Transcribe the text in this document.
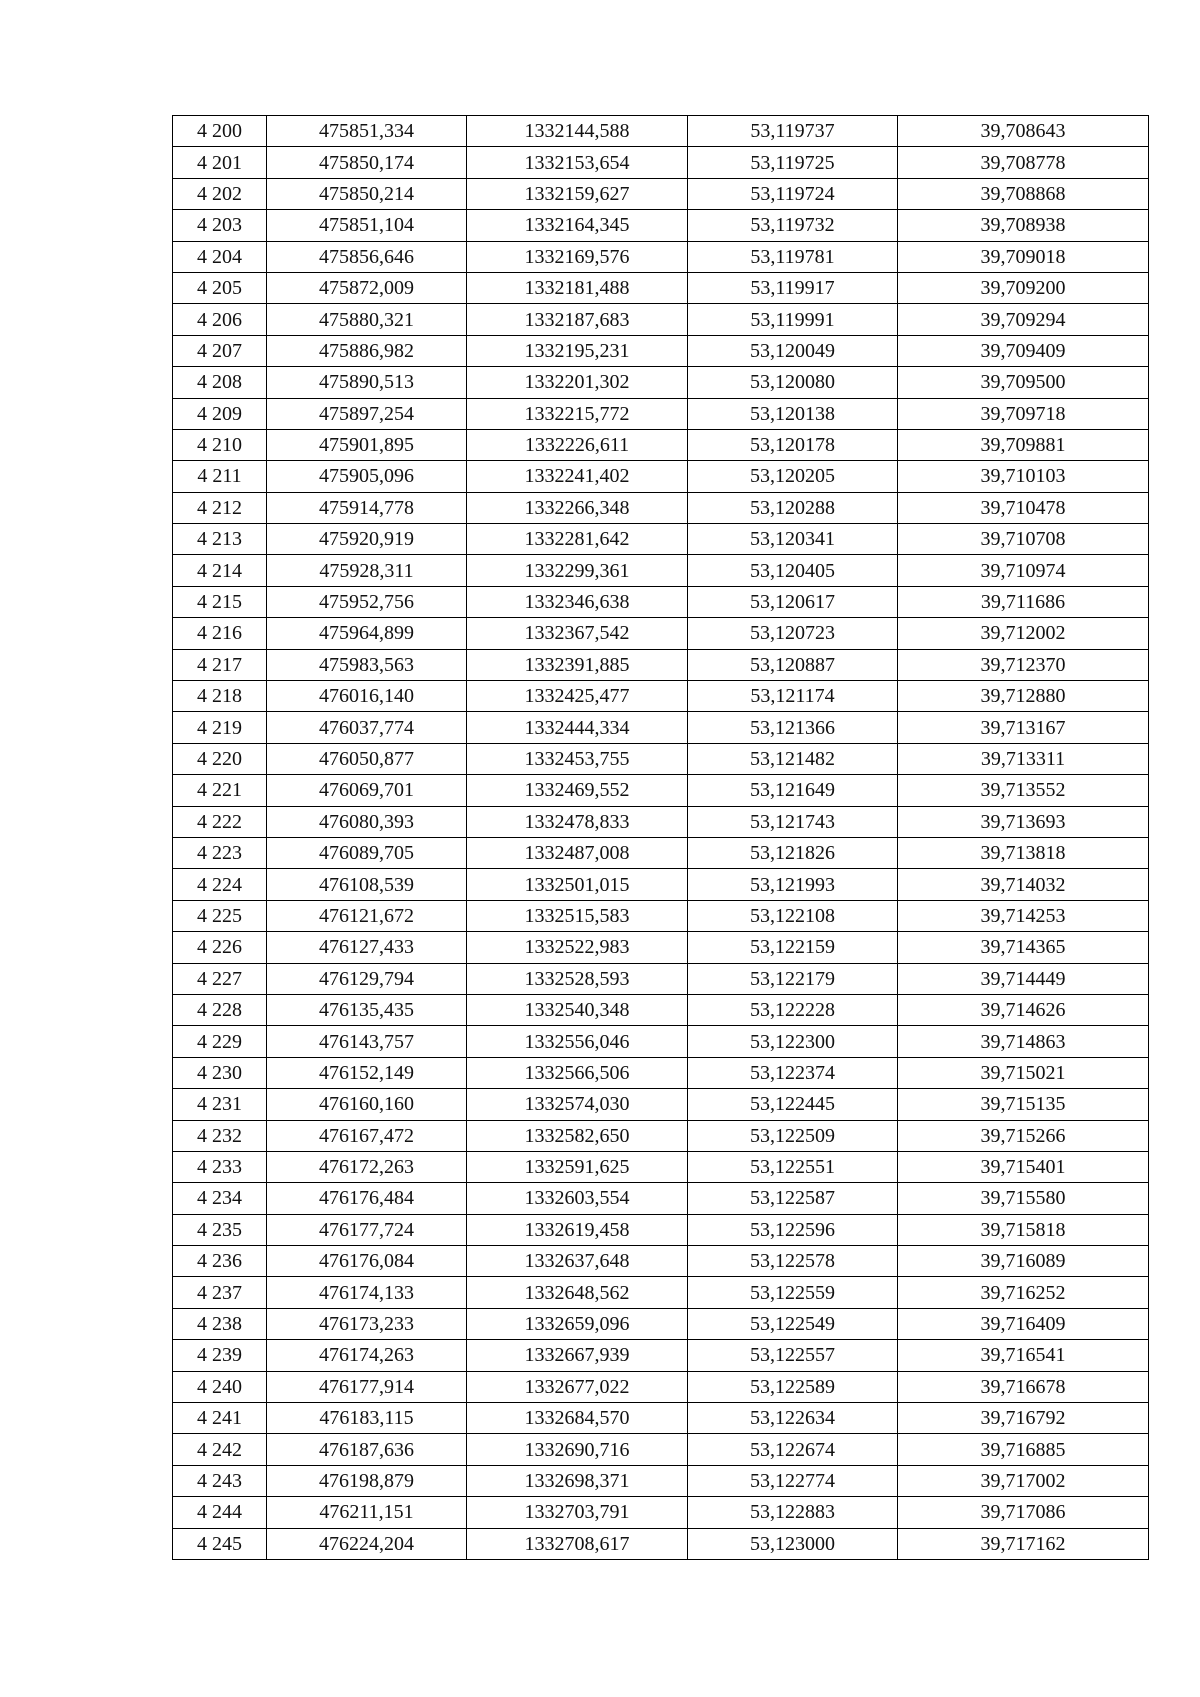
4 200	475851,334	1332144,588	53,119737	39,708643
4 201	475850,174	1332153,654	53,119725	39,708778
4 202	475850,214	1332159,627	53,119724	39,708868
4 203	475851,104	1332164,345	53,119732	39,708938
4 204	475856,646	1332169,576	53,119781	39,709018
4 205	475872,009	1332181,488	53,119917	39,709200
4 206	475880,321	1332187,683	53,119991	39,709294
4 207	475886,982	1332195,231	53,120049	39,709409
4 208	475890,513	1332201,302	53,120080	39,709500
4 209	475897,254	1332215,772	53,120138	39,709718
4 210	475901,895	1332226,611	53,120178	39,709881
4 211	475905,096	1332241,402	53,120205	39,710103
4 212	475914,778	1332266,348	53,120288	39,710478
4 213	475920,919	1332281,642	53,120341	39,710708
4 214	475928,311	1332299,361	53,120405	39,710974
4 215	475952,756	1332346,638	53,120617	39,711686
4 216	475964,899	1332367,542	53,120723	39,712002
4 217	475983,563	1332391,885	53,120887	39,712370
4 218	476016,140	1332425,477	53,121174	39,712880
4 219	476037,774	1332444,334	53,121366	39,713167
4 220	476050,877	1332453,755	53,121482	39,713311
4 221	476069,701	1332469,552	53,121649	39,713552
4 222	476080,393	1332478,833	53,121743	39,713693
4 223	476089,705	1332487,008	53,121826	39,713818
4 224	476108,539	1332501,015	53,121993	39,714032
4 225	476121,672	1332515,583	53,122108	39,714253
4 226	476127,433	1332522,983	53,122159	39,714365
4 227	476129,794	1332528,593	53,122179	39,714449
4 228	476135,435	1332540,348	53,122228	39,714626
4 229	476143,757	1332556,046	53,122300	39,714863
4 230	476152,149	1332566,506	53,122374	39,715021
4 231	476160,160	1332574,030	53,122445	39,715135
4 232	476167,472	1332582,650	53,122509	39,715266
4 233	476172,263	1332591,625	53,122551	39,715401
4 234	476176,484	1332603,554	53,122587	39,715580
4 235	476177,724	1332619,458	53,122596	39,715818
4 236	476176,084	1332637,648	53,122578	39,716089
4 237	476174,133	1332648,562	53,122559	39,716252
4 238	476173,233	1332659,096	53,122549	39,716409
4 239	476174,263	1332667,939	53,122557	39,716541
4 240	476177,914	1332677,022	53,122589	39,716678
4 241	476183,115	1332684,570	53,122634	39,716792
4 242	476187,636	1332690,716	53,122674	39,716885
4 243	476198,879	1332698,371	53,122774	39,717002
4 244	476211,151	1332703,791	53,122883	39,717086
4 245	476224,204	1332708,617	53,123000	39,717162
